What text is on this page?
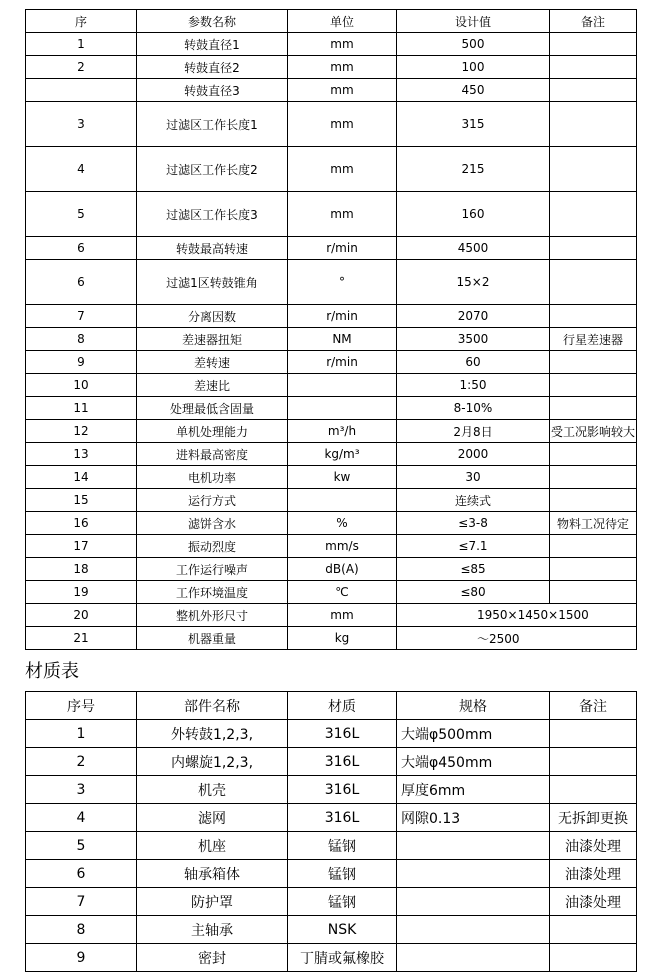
序	参数名称	单位	设计值	备注
1	转鼓直径1	mm	500	
2	转鼓直径2	mm	100	
	转鼓直径3	mm	450	
3	过滤区工作长度1	mm	315	
4	过滤区工作长度2	mm	215	
5	过滤区工作长度3	mm	160	
6	转鼓最高转速	r/min	4500	
6	过滤1区转鼓锥角	°	15×2	
7	分离因数	r/min	2070	
8	差速器扭矩	NM	3500	行星差速器
9	差转速	r/min	60	
10	差速比		1:50	
11	处理最低含固量		8-10%	
12	单机处理能力	m³/h	2月8日	受工况影响较大
13	进料最高密度	kg/m³	2000	
14	电机功率	kw	30	
15	运行方式		连续式	
16	滤饼含水	%	≤3-8	物料工况待定
17	振动烈度	mm/s	≤7.1	
18	工作运行噪声	dB(A)	≤85	
19	工作环境温度	℃	≤80	
20	整机外形尺寸	mm	1950×1450×1500	
21	机器重量	kg	～2500	
材质表
序号	部件名称	材质	规格	备注
1	外转鼓1,2,3,	316L	大端φ500mm	
2	内螺旋1,2,3,	316L	大端φ450mm	
3	机壳	316L	厚度6mm	
4	滤网	316L	网隙0.13	无拆卸更换
5	机座	锰钢		油漆处理
6	轴承箱体	锰钢		油漆处理
7	防护罩	锰钢		油漆处理
8	主轴承	NSK		
9	密封	丁腈或氟橡胶		
